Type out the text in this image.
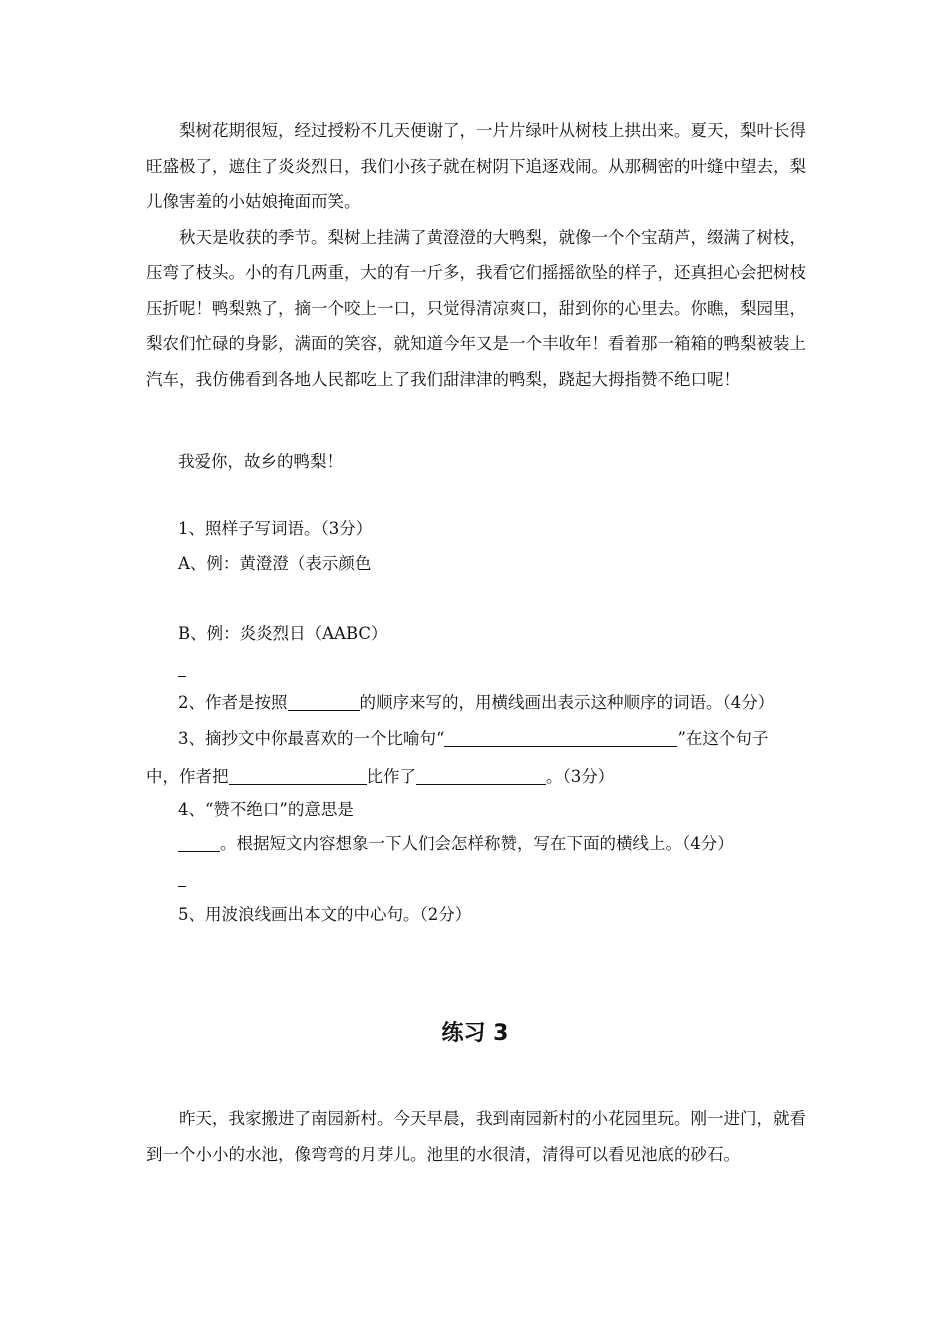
梨树花期很短，经过授粉不几天便谢了，一片片绿叶从树枝上拱出来。夏天，梨叶长得旺盛极了，遮住了炎炎烈日，我们小孩子就在树阴下追逐戏闹。从那稠密的叶缝中望去，梨儿像害羞的小姑娘掩面而笑。

秋天是收获的季节。梨树上挂满了黄澄澄的大鸭梨，就像一个个宝葫芦，缀满了树枝，压弯了枝头。小的有几两重，大的有一斤多，我看它们摇摇欲坠的样子，还真担心会把树枝压折呢！鸭梨熟了，摘一个咬上一口，只觉得清凉爽口，甜到你的心里去。你瞧，梨园里，梨农们忙碌的身影，满面的笑容，就知道今年又是一个丰收年！看着那一箱箱的鸭梨被装上汽车，我仿佛看到各地人民都吃上了我们甜津津的鸭梨，跷起大拇指赞不绝口呢！

我爱你，故乡的鸭梨！
1、照样子写词语。（3分）
A、例：黄澄澄（表示颜色
B、例：炎炎烈日（AABC）
2、作者是按照	的顺序来写的，用横线画出表示这种顺序的词语。（4分）
3、摘抄文中你最喜欢的一个比喻句“	”在这个句子
中，作者把	比作了	。（3分）
4、“赞不绝口”的意思是
。根据短文内容想象一下人们会怎样称赞，写在下面的横线上。（4分）
5、用波浪线画出本文的中心句。（2分）
练习 3

昨天，我家搬进了南园新村。今天早晨，我到南园新村的小花园里玩。刚一进门，就看到一个小小的水池，像弯弯的月芽儿。池里的水很清，清得可以看见池底的砂石。
